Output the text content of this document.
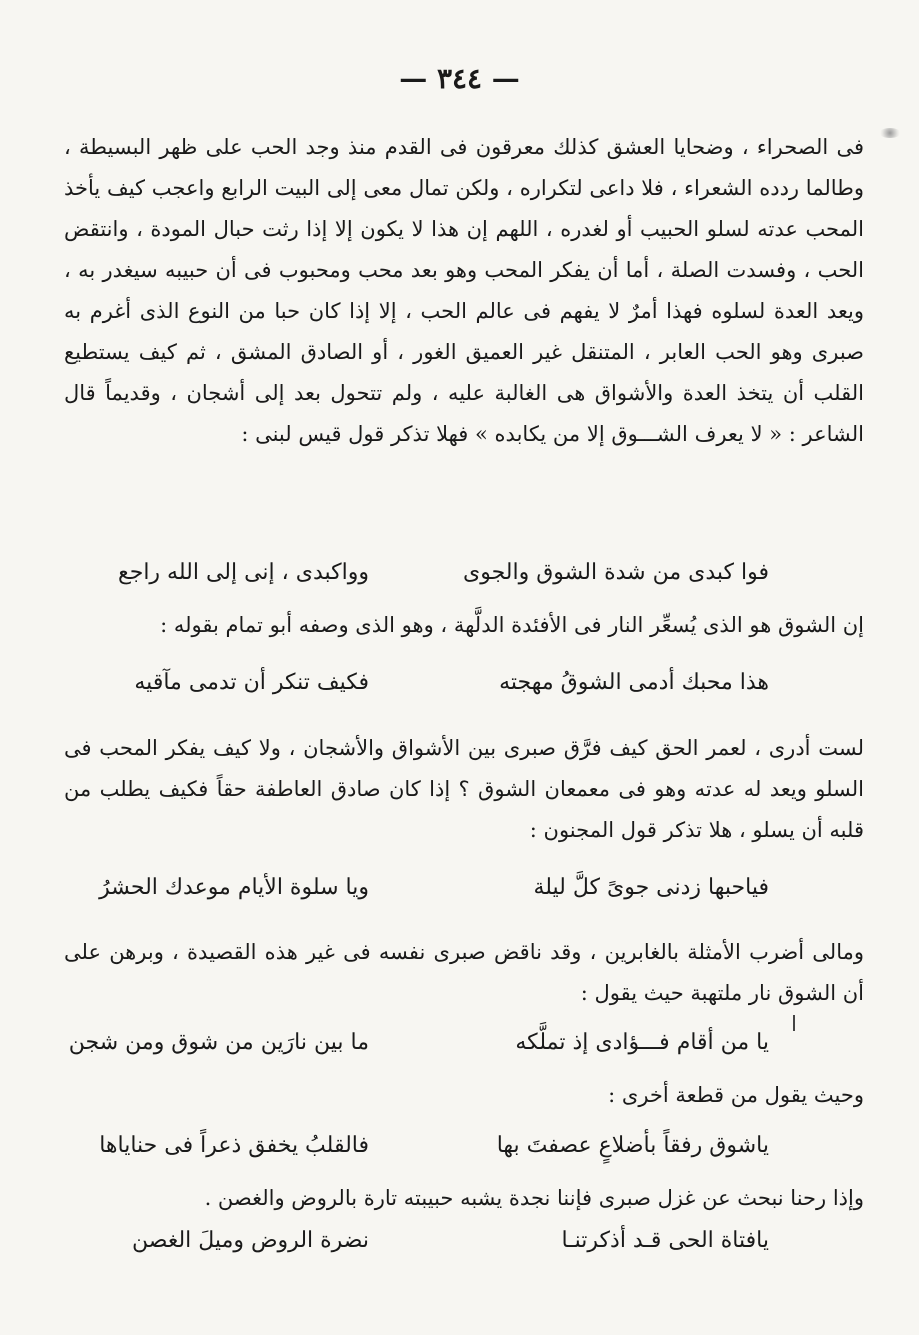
— ٣٤٤ —
فى الصحراء ، وضحايا العشق كذلك معرقون فى القدم منذ وجد الحب على ظهر البسيطة ، وطالما ردده الشعراء ، فلا داعى لتكراره ، ولكن تمال معى إلى البيت الرابع واعجب كيف يأخذ المحب عدته لسلو الحبيب أو لغدره ، اللهم إن هذا لا يكون إلا إذا رثت حبال المودة ، وانتقض الحب ، وفسدت الصلة ، أما أن يفكر المحب وهو بعد محب ومحبوب فى أن حبيبه سيغدر به ، ويعد العدة لسلوه فهذا أمرٌ لا يفهم فى عالم الحب ، إلا إذا كان حبا من النوع الذى أغرم به صبرى وهو الحب العابر ، المتنقل غير العميق الغور ، أو الصادق المشق ، ثم كيف يستطيع القلب أن يتخذ العدة والأشواق هى الغالبة عليه ، ولم تتحول بعد إلى أشجان ، وقديماً قال الشاعر : « لا يعرف الشـــوق إلا من يكابده » فهلا تذكر قول قيس لبنى :
فوا كبدى من شدة الشوق والجوى
وواكبدى ، إنى إلى الله راجع
إن الشوق هو الذى يُسعِّر النار فى الأفئدة الدلَّهة ، وهو الذى وصفه أبو تمام بقوله :
هذا محبك أدمى الشوقُ مهجته
فكيف تنكر أن تدمى مآقيه
لست أدرى ، لعمر الحق كيف فرَّق صبرى بين الأشواق والأشجان ، ولا كيف يفكر المحب فى السلو ويعد له عدته وهو فى معمعان الشوق ؟ إذا كان صادق العاطفة حقاً فكيف يطلب من قلبه أن يسلو ، هلا تذكر قول المجنون :
فياحبها زدنى جوىً كلَّ ليلة
ويا سلوة الأيام موعدك الحشرُ
ومالى أضرب الأمثلة بالغابرين ، وقد ناقض صبرى نفسه فى غير هذه القصيدة ، وبرهن على أن الشوق نار ملتهبة حيث يقول :
يا من أقام فـــؤادى إذ تملَّكه
ما بين نارَين من شوق ومن شجن
وحيث يقول من قطعة أخرى :
ياشوق رفقاً بأضلاعٍ عصفتَ بها
فالقلبُ يخفق ذعراً فى حناياها
وإذا رحنا نبحث عن غزل صبرى فإننا نجدة يشبه حبيبته تارة بالروض والغصن .
يافتاة الحى قـد أذكرتنـا
نضرة الروض وميلَ الغصن
